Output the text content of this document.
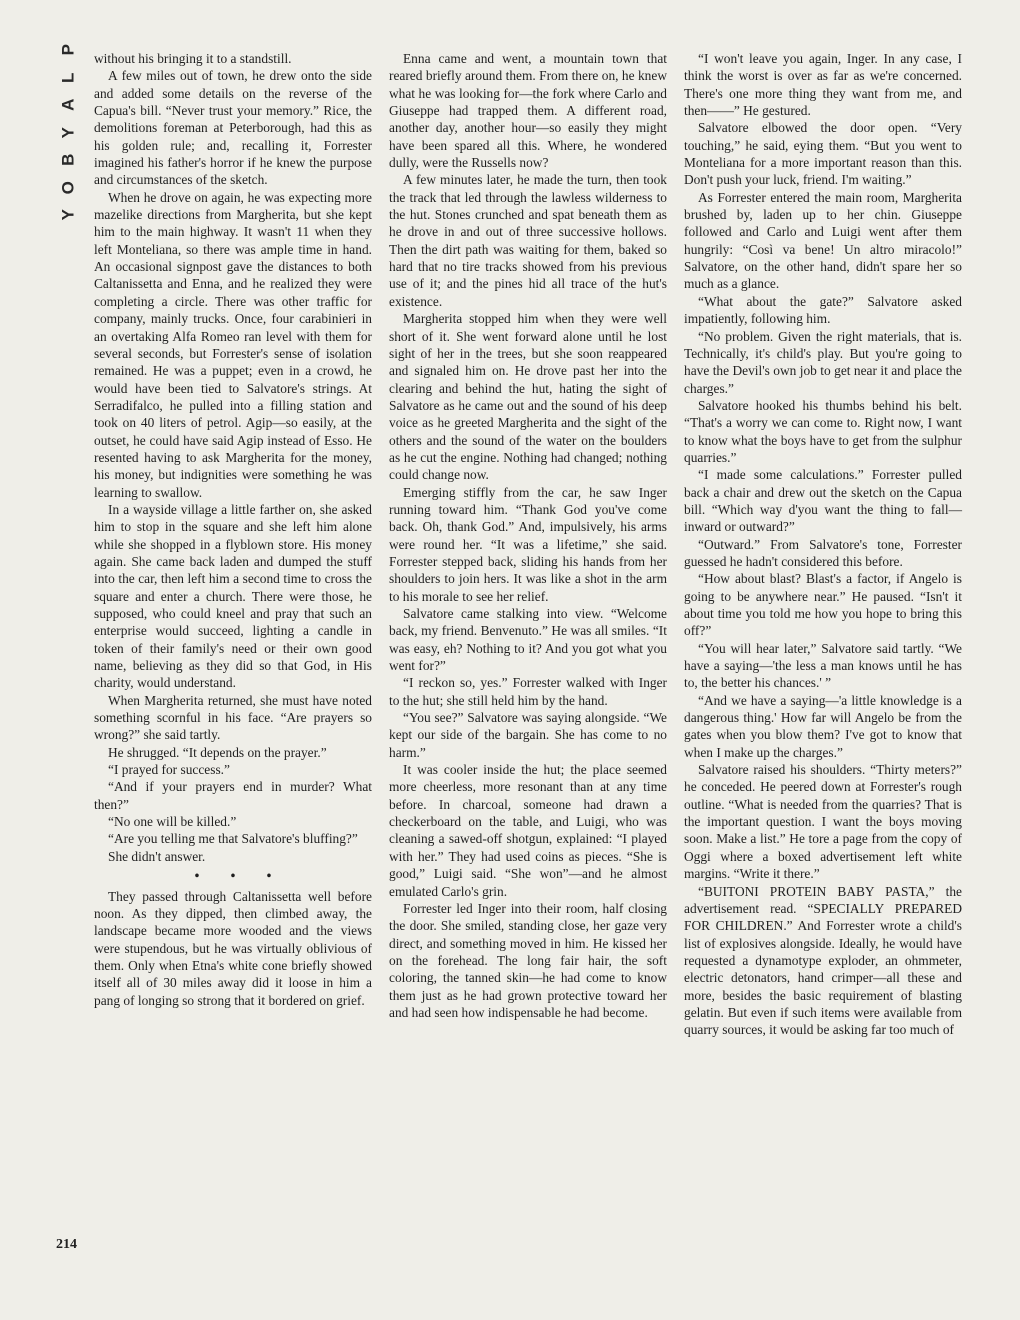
P
L
A
Y
B
O
Y

without his bringing it to a standstill.

A few miles out of town, he drew onto the side and added some details on the reverse of the Capua's bill. “Never trust your memory.” Rice, the demolitions foreman at Peterborough, had this as his golden rule; and, recalling it, Forrester imagined his father's horror if he knew the purpose and circumstances of the sketch.

When he drove on again, he was expecting more mazelike directions from Margherita, but she kept him to the main highway. It wasn't 11 when they left Monteliana, so there was ample time in hand. An occasional signpost gave the distances to both Caltanissetta and Enna, and he realized they were completing a circle. There was other traffic for company, mainly trucks. Once, four carabinieri in an overtaking Alfa Romeo ran level with them for several seconds, but Forrester's sense of isolation remained. He was a puppet; even in a crowd, he would have been tied to Salvatore's strings. At Serradifalco, he pulled into a filling station and took on 40 liters of petrol. Agip—so easily, at the outset, he could have said Agip instead of Esso. He resented having to ask Margherita for the money, his money, but indignities were something he was learning to swallow.

In a wayside village a little farther on, she asked him to stop in the square and she left him alone while she shopped in a flyblown store. His money again. She came back laden and dumped the stuff into the car, then left him a second time to cross the square and enter a church. There were those, he supposed, who could kneel and pray that such an enterprise would succeed, lighting a candle in token of their family's need or their own good name, believing as they did so that God, in His charity, would understand.

When Margherita returned, she must have noted something scornful in his face. “Are prayers so wrong?” she said tartly.

He shrugged. “It depends on the prayer.”

“I prayed for success.”

“And if your prayers end in murder? What then?”

“No one will be killed.”

“Are you telling me that Salvatore's bluffing?”

She didn't answer.

• • •

They passed through Caltanissetta well before noon. As they dipped, then climbed away, the landscape became more wooded and the views were stupendous, but he was virtually oblivious of them. Only when Etna's white cone briefly showed itself all of 30 miles away did it loose in him a pang of longing so strong that it bordered on grief.

Enna came and went, a mountain town that reared briefly around them. From there on, he knew what he was looking for—the fork where Carlo and Giuseppe had trapped them. A different road, another day, another hour—so easily they might have been spared all this. Where, he wondered dully, were the Russells now?

A few minutes later, he made the turn, then took the track that led through the lawless wilderness to the hut. Stones crunched and spat beneath them as he drove in and out of three successive hollows. Then the dirt path was waiting for them, baked so hard that no tire tracks showed from his previous use of it; and the pines hid all trace of the hut's existence.

Margherita stopped him when they were well short of it. She went forward alone until he lost sight of her in the trees, but she soon reappeared and signaled him on. He drove past her into the clearing and behind the hut, hating the sight of Salvatore as he came out and the sound of his deep voice as he greeted Margherita and the sight of the others and the sound of the water on the boulders as he cut the engine. Nothing had changed; nothing could change now.

Emerging stiffly from the car, he saw Inger running toward him. “Thank God you've come back. Oh, thank God.” And, impulsively, his arms were round her. “It was a lifetime,” she said. Forrester stepped back, sliding his hands from her shoulders to join hers. It was like a shot in the arm to his morale to see her relief.

Salvatore came stalking into view. “Welcome back, my friend. Benvenuto.” He was all smiles. “It was easy, eh? Nothing to it? And you got what you went for?”

“I reckon so, yes.” Forrester walked with Inger to the hut; she still held him by the hand.

“You see?” Salvatore was saying alongside. “We kept our side of the bargain. She has come to no harm.”

It was cooler inside the hut; the place seemed more cheerless, more resonant than at any time before. In charcoal, someone had drawn a checkerboard on the table, and Luigi, who was cleaning a sawed-off shotgun, explained: “I played with her.” They had used coins as pieces. “She is good,” Luigi said. “She won”—and he almost emulated Carlo's grin.

Forrester led Inger into their room, half closing the door. She smiled, standing close, her gaze very direct, and something moved in him. He kissed her on the forehead. The long fair hair, the soft coloring, the tanned skin—he had come to know them just as he had grown protective toward her and had seen how indispensable he had become.

“I won't leave you again, Inger. In any case, I think the worst is over as far as we're concerned. There's one more thing they want from me, and then——” He gestured.

Salvatore elbowed the door open. “Very touching,” he said, eying them. “But you went to Monteliana for a more important reason than this. Don't push your luck, friend. I'm waiting.”

As Forrester entered the main room, Margherita brushed by, laden up to her chin. Giuseppe followed and Carlo and Luigi went after them hungrily: “Così va bene! Un altro miracolo!” Salvatore, on the other hand, didn't spare her so much as a glance.

“What about the gate?” Salvatore asked impatiently, following him.

“No problem. Given the right materials, that is. Technically, it's child's play. But you're going to have the Devil's own job to get near it and place the charges.”

Salvatore hooked his thumbs behind his belt. “That's a worry we can come to. Right now, I want to know what the boys have to get from the sulphur quarries.”

“I made some calculations.” Forrester pulled back a chair and drew out the sketch on the Capua bill. “Which way d'you want the thing to fall—inward or outward?”

“Outward.” From Salvatore's tone, Forrester guessed he hadn't considered this before.

“How about blast? Blast's a factor, if Angelo is going to be anywhere near.” He paused. “Isn't it about time you told me how you hope to bring this off?”

“You will hear later,” Salvatore said tartly. “We have a saying—'the less a man knows until he has to, the better his chances.' ”

“And we have a saying—'a little knowledge is a dangerous thing.' How far will Angelo be from the gates when you blow them? I've got to know that when I make up the charges.”

Salvatore raised his shoulders. “Thirty meters?” he conceded. He peered down at Forrester's rough outline. “What is needed from the quarries? That is the important question. I want the boys moving soon. Make a list.” He tore a page from the copy of Oggi where a boxed advertisement left white margins. “Write it there.”

“BUITONI PROTEIN BABY PASTA,” the advertisement read. “SPECIALLY PREPARED FOR CHILDREN.” And Forrester wrote a child's list of explosives alongside. Ideally, he would have requested a dynamotype exploder, an ohmmeter, electric detonators, hand crimper—all these and more, besides the basic requirement of blasting gelatin. But even if such items were available from quarry sources, it would be asking far too much of

214
